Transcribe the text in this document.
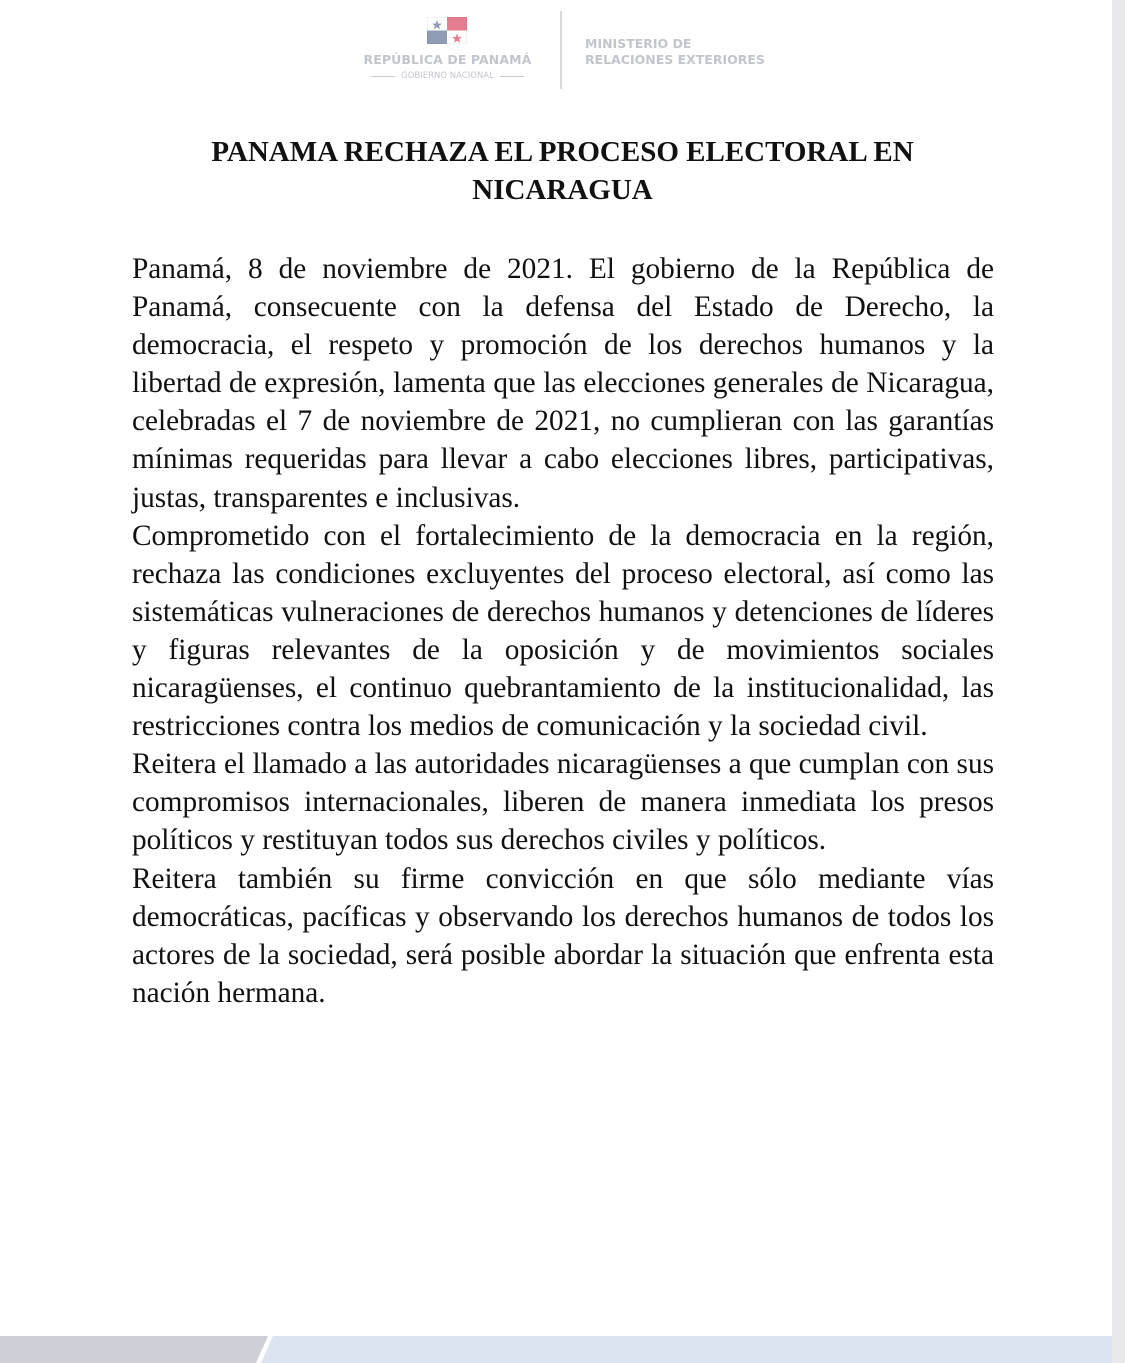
REPÚBLICA DE PANAMÁ
GOBIERNO NACIONAL
MINISTERIO DE
RELACIONES EXTERIORES
PANAMA RECHAZA EL PROCESO ELECTORAL EN
NICARAGUA

Panamá, 8 de noviembre de 2021. El gobierno de la República de Panamá, consecuente con la defensa del Estado de Derecho, la democracia, el respeto y promoción de los derechos humanos y la libertad de expresión, lamenta que las elecciones generales de Nicaragua, celebradas el 7 de noviembre de 2021, no cumplieran con las garantías mínimas requeridas para llevar a cabo elecciones libres, participativas, justas, transparentes e inclusivas.

Comprometido con el fortalecimiento de la democracia en la región, rechaza las condiciones excluyentes del proceso electoral, así como las sistemáticas vulneraciones de derechos humanos y detenciones de líderes y figuras relevantes de la oposición y de movimientos sociales nicaragüenses, el continuo quebrantamiento de la institucionalidad, las restricciones contra los medios de comunicación y la sociedad civil.

Reitera el llamado a las autoridades nicaragüenses a que cumplan con sus compromisos internacionales, liberen de manera inmediata los presos políticos y restituyan todos sus derechos civiles y políticos.

Reitera también su firme convicción en que sólo mediante vías democráticas, pacíficas y observando los derechos humanos de todos los actores de la sociedad, será posible abordar la situación que enfrenta esta nación hermana.
